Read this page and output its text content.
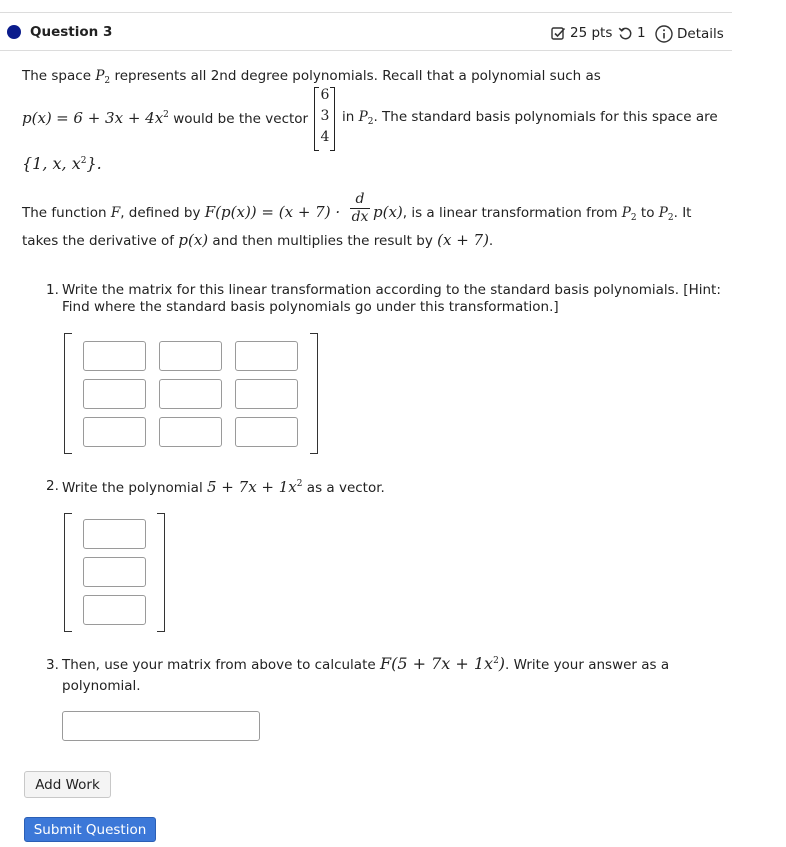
Question 3	25 pts 1 Details
The space $P_2$ represents all 2nd degree polynomials. Recall that a polynomial such as
$p(x) = 6 + 3x + 4x^2$ would be the vector
6
3
4
in $P_2$. The standard basis polynomials for this space are
{1, x, $x^2$}.
The function F, defined by $F(p(x)) = (x + 7) \cdot \frac{d}{dx} p(x)$, is a linear transformation from $P_2$ to $P_2$. It
takes the derivative of p(x) and then multiplies the result by (x + 7).
1. Write the matrix for this linear transformation according to the standard basis polynomials. [Hint:
Find where the standard basis polynomials go under this transformation.]
2. Write the polynomial $5 + 7x + 1x^2$ as a vector.
3. Then, use your matrix from above to calculate $F(5 + 7x + 1x^2)$. Write your answer as a
polynomial.
Add Work
Submit Question
